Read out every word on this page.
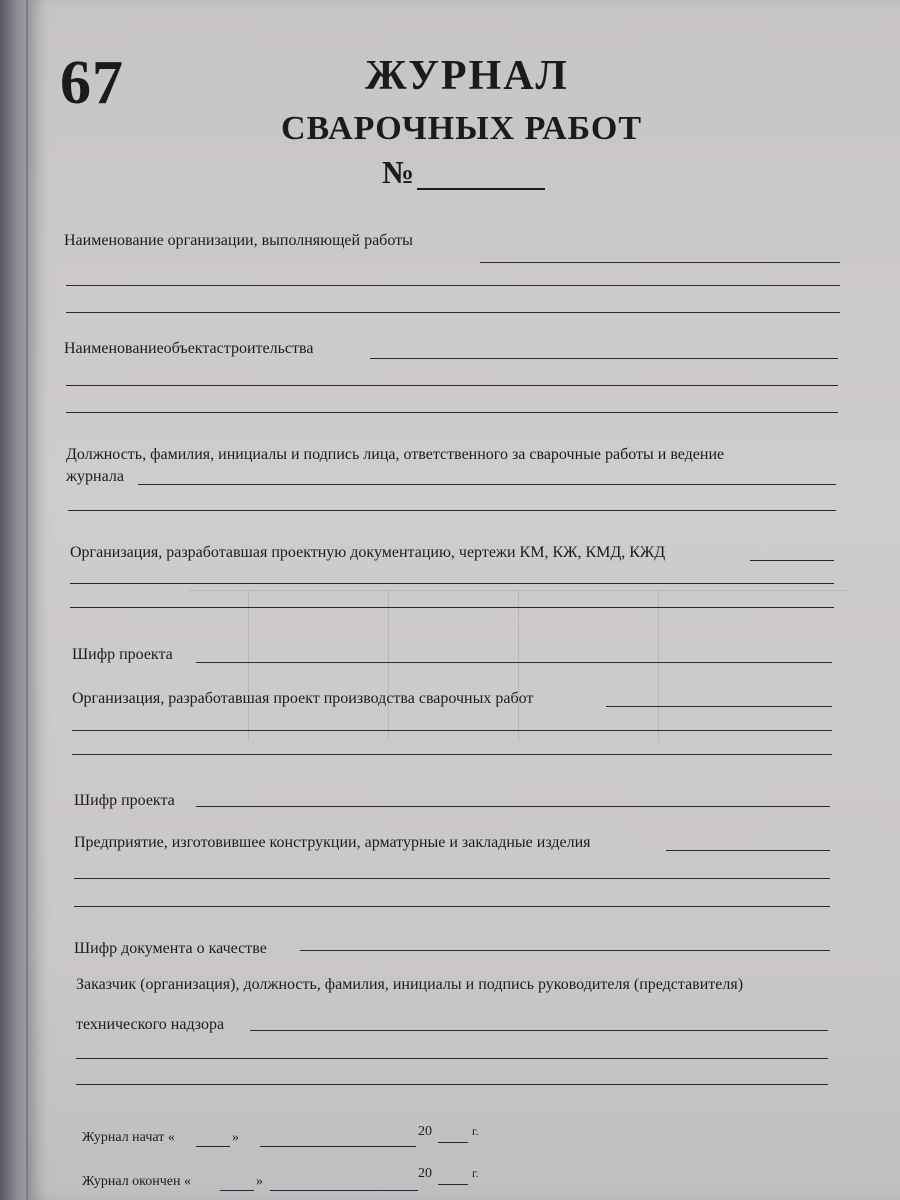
67	ЖУРНАЛ
СВАРОЧНЫХ РАБОТ
№
Наименование организации, выполняющей работы
Наименованиеобъектастроительства
Должность, фамилия, инициалы и подпись лица, ответственного за сварочные работы и ведение
журнала
Организация, разработавшая проектную документацию, чертежи КМ, КЖ, КМД, КЖД
Шифр проекта
Организация, разработавшая проект производства сварочных работ
Шифр проекта
Предприятие, изготовившее конструкции, арматурные и закладные изделия
Шифр документа о качестве
Заказчик (организация), должность, фамилия, инициалы и подпись руководителя (представителя)
технического надзора
Журнал начат «	»	20	г.
Журнал окончен «	»
20	г.
